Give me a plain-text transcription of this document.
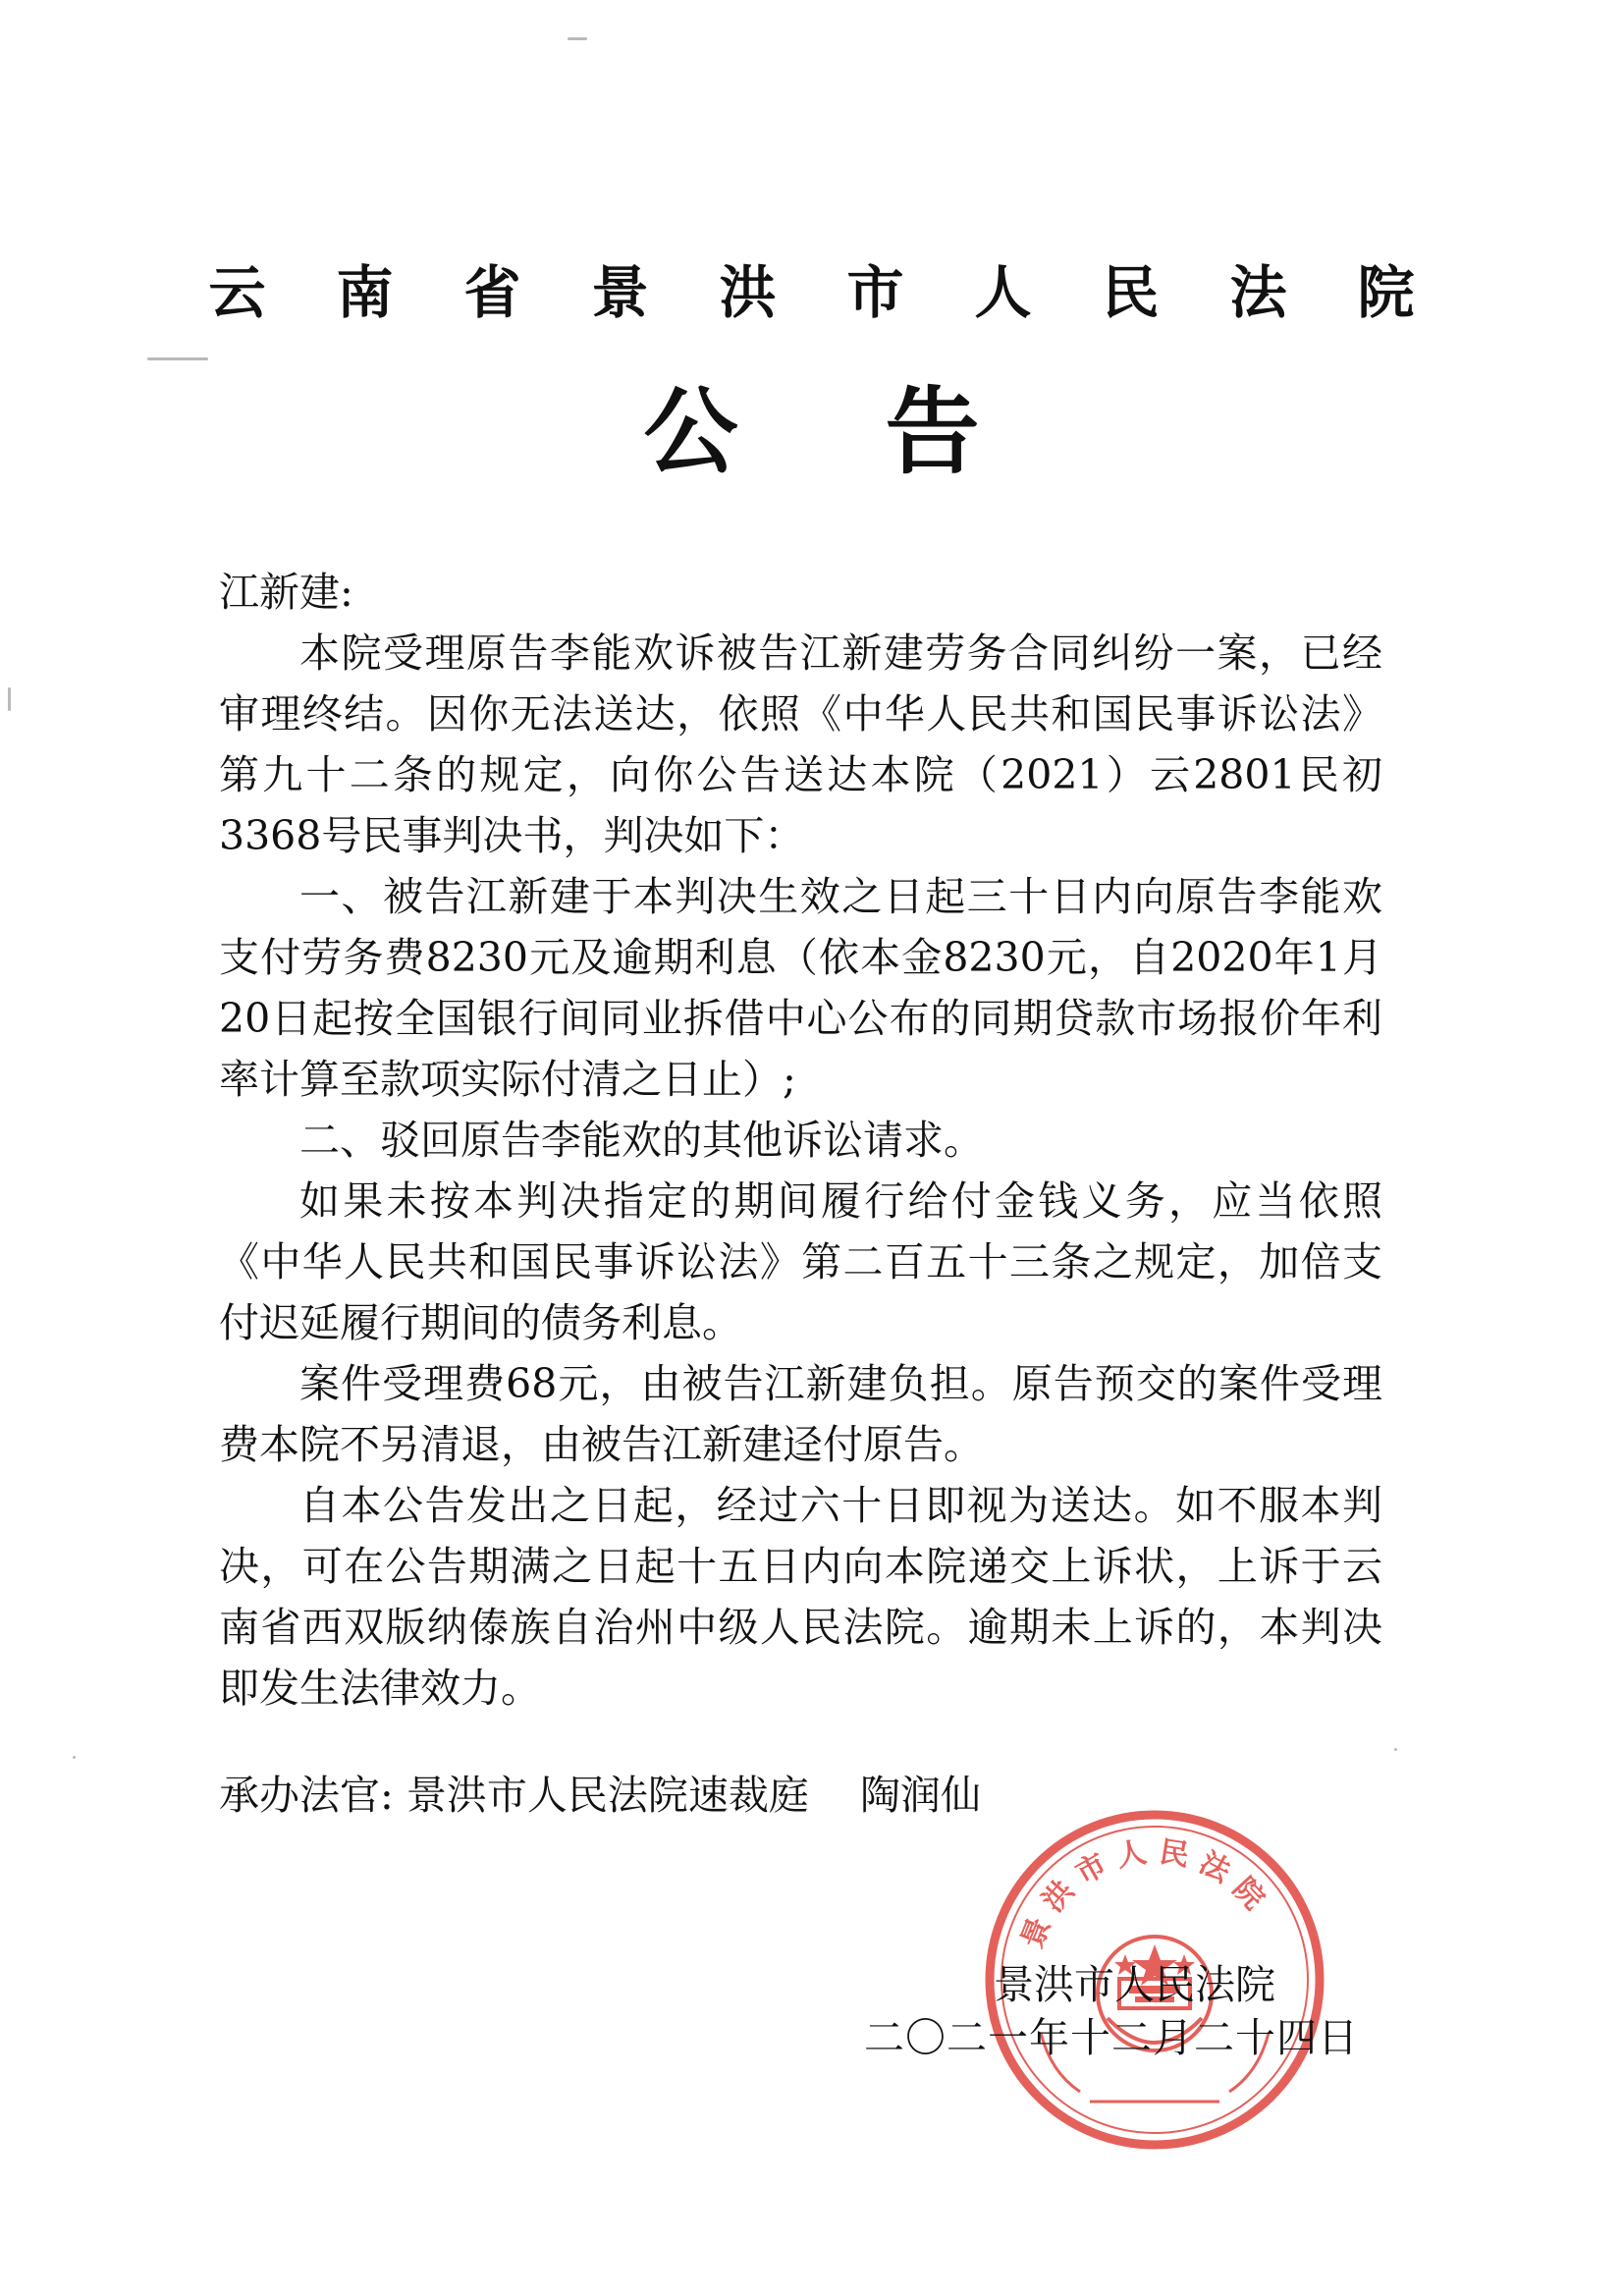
云南省景洪市人民法院
公告

江新建:

本院受理原告李能欢诉被告江新建劳务合同纠纷一案，已经审理终结。因你无法送达，依照《中华人民共和国民事诉讼法》第九十二条的规定，向你公告送达本院（2021）云2801民初3368号民事判决书，判决如下：

一、被告江新建于本判决生效之日起三十日内向原告李能欢支付劳务费8230元及逾期利息（依本金8230元，自2020年1月20日起按全国银行间同业拆借中心公布的同期贷款市场报价年利率计算至款项实际付清之日止）;

二、驳回原告李能欢的其他诉讼请求。

如果未按本判决指定的期间履行给付金钱义务，应当依照《中华人民共和国民事诉讼法》第二百五十三条之规定，加倍支付迟延履行期间的债务利息。

案件受理费68元，由被告江新建负担。原告预交的案件受理费本院不另清退，由被告江新建迳付原告。

自本公告发出之日起，经过六十日即视为送达。如不服本判决，可在公告期满之日起十五日内向本院递交上诉状，上诉于云南省西双版纳傣族自治州中级人民法院。逾期未上诉的，本判决即发生法律效力。

承办法官: 景洪市人民法院速裁庭    陶润仙
景 洪 市 人 民 法 院
景洪市人民法院
二〇二一年十二月二十四日
